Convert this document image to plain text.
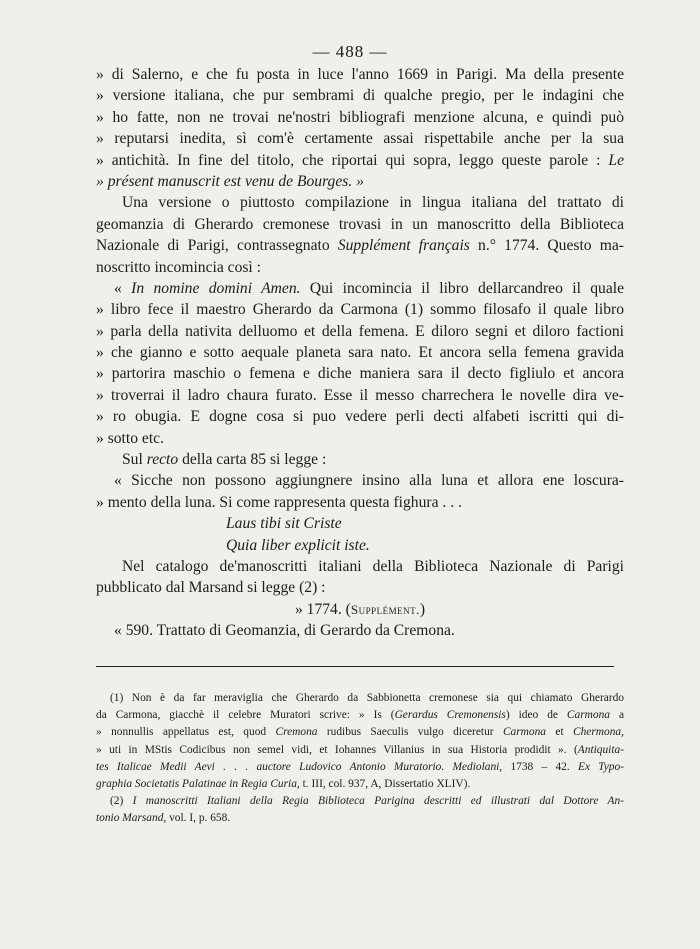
— 488 —
» di Salerno, e che fu posta in luce l'anno 1669 in Parigi. Ma della presente
» versione italiana, che pur sembrami di qualche pregio, per le indagini che
» ho fatte, non ne trovai ne'nostri bibliografi menzione alcuna, e quindi può
» reputarsi inedita, sì com'è certamente assai rispettabile anche per la sua
» antichità. In fine del titolo, che riportai qui sopra, leggo queste parole : Le
» présent manuscrit est venu de Bourges. »
Una versione o piuttosto compilazione in lingua italiana del trattato di
geomanzia di Gherardo cremonese trovasi in un manoscritto della Biblioteca
Nazionale di Parigi, contrassegnato Supplément français n.° 1774. Questo ma-
noscritto incomincia così :
« In nomine domini Amen. Qui incomincia il libro dellarcandreo il quale
» libro fece il maestro Gherardo da Carmona (1) sommo filosafo il quale libro
» parla della nativita delluomo et della femena. E diloro segni et diloro factioni
» che gianno e sotto aequale planeta sara nato. Et ancora sella femena gravida
» partorira maschio o femena e diche maniera sara il decto figliulo et ancora
» troverrai il ladro chaura furato. Esse il messo charrechera le novelle dira ve-
» ro obugia. E dogne cosa si puo vedere perli decti alfabeti iscritti qui di-
» sotto etc.
Sul recto della carta 85 si legge :
« Sicche non possono aggiungnere insino alla luna et allora ene loscura-
» mento della luna. Si come rappresenta questa fighura . . .
Laus tibi sit Criste
Quia liber explicit iste.
Nel catalogo de'manoscritti italiani della Biblioteca Nazionale di Parigi
pubblicato dal Marsand si legge (2) :
» 1774. (Supplément.)
« 590. Trattato di Geomanzia, di Gerardo da Cremona.
(1) Non è da far meraviglia che Gherardo da Sabbionetta cremonese sia qui chiamato Gherardo
da Carmona, giacchè il celebre Muratori scrive: » Is (Gerardus Cremonensis) ideo de Carmona a
» nonnullis appellatus est, quod Cremona rudibus Saeculis vulgo diceretur Carmona et Chermona,
» uti in MStis Codicibus non semel vidi, et Iohannes Villanius in sua Historia prodidit ». (Antiquita-
tes Italicae Medii Aevi . . . auctore Ludovico Antonio Muratorio. Mediolani, 1738 – 42. Ex Typo-
graphia Societatis Palatinae in Regia Curia, t. III, col. 937, A, Dissertatio XLIV).
(2) I manoscritti Italiani della Regia Biblioteca Parigina descritti ed illustrati dal Dottore An-
tonio Marsand, vol. I, p. 658.
